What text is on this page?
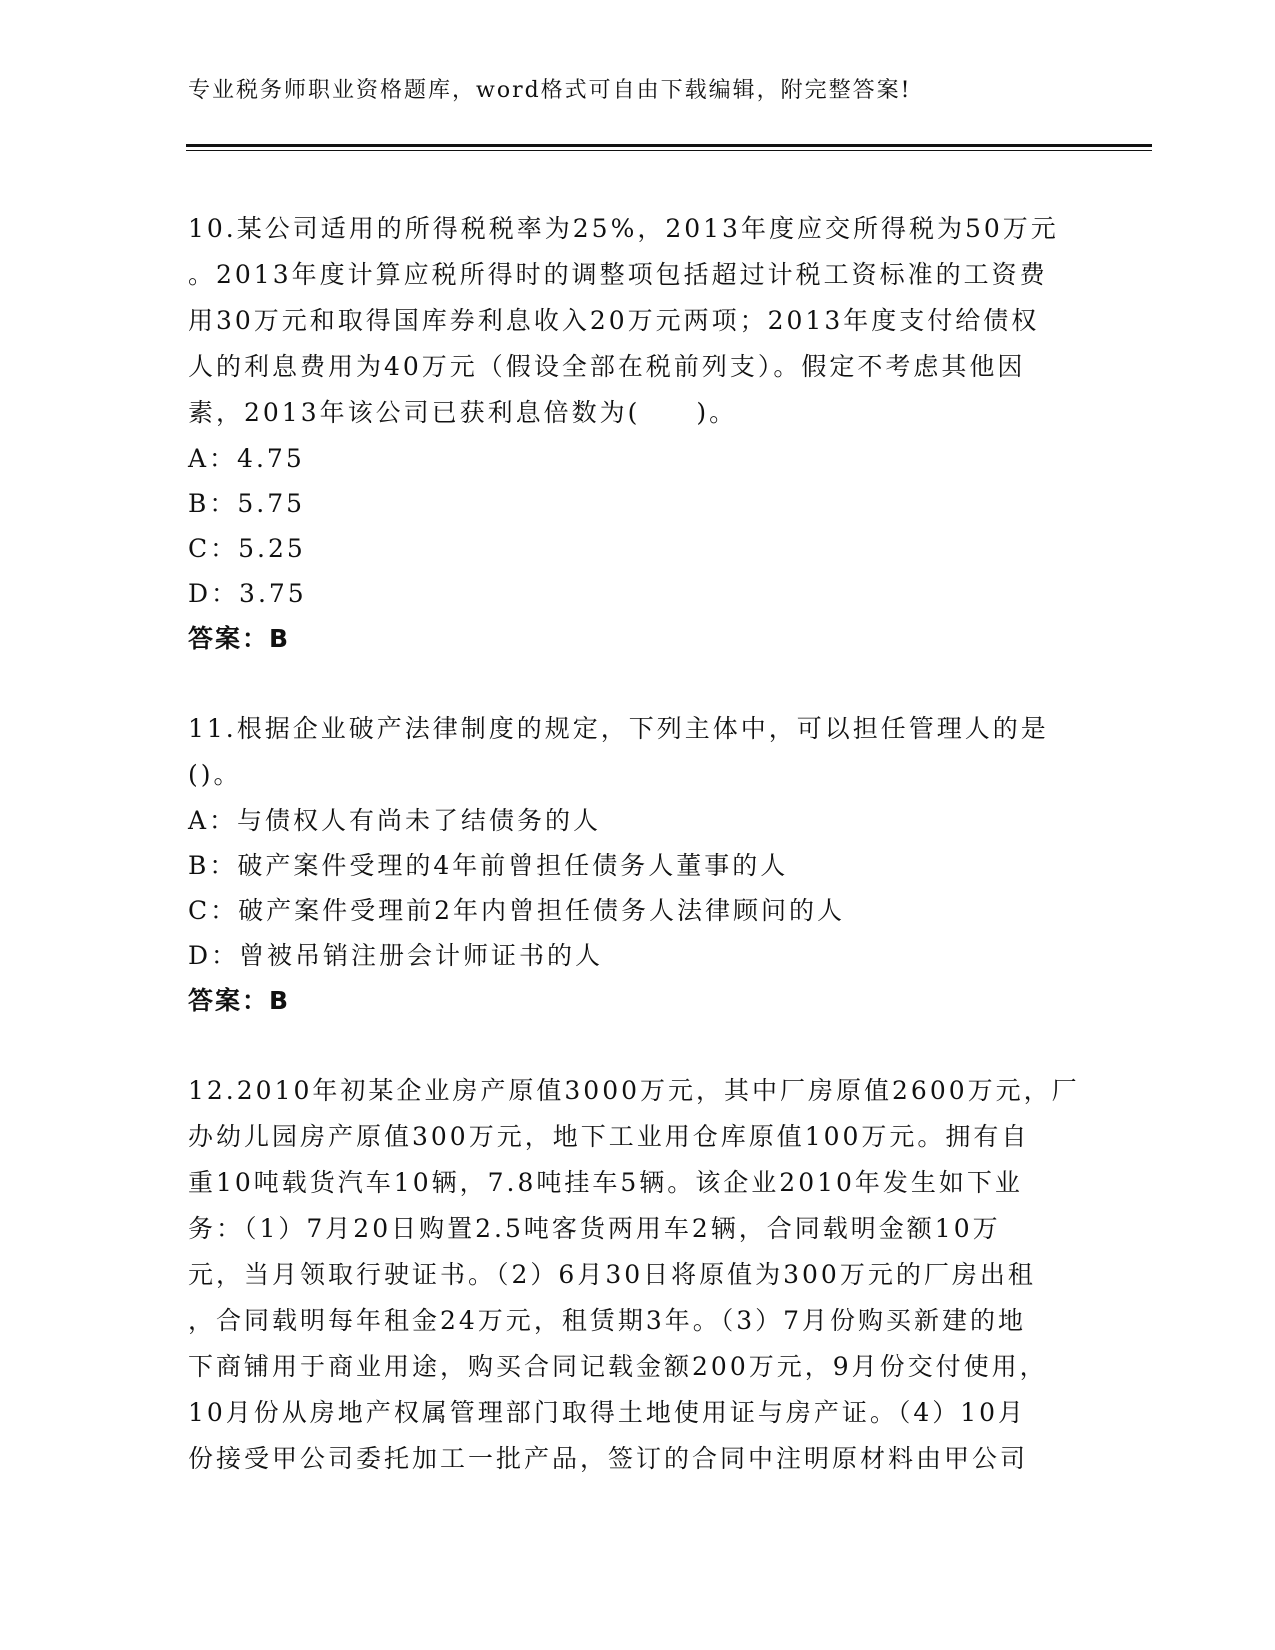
专业税务师职业资格题库，word格式可自由下载编辑，附完整答案!
10.某公司适用的所得税税率为25%，2013年度应交所得税为50万元
。2013年度计算应税所得时的调整项包括超过计税工资标准的工资费
用30万元和取得国库券利息收入20万元两项；2013年度支付给债权
人的利息费用为40万元（假设全部在税前列支）。假定不考虑其他因
素，2013年该公司已获利息倍数为(　　)。
A：4.75
B：5.75
C：5.25
D：3.75
答案：B
11.根据企业破产法律制度的规定，下列主体中，可以担任管理人的是
()。
A：与债权人有尚未了结债务的人
B：破产案件受理的4年前曾担任债务人董事的人
C：破产案件受理前2年内曾担任债务人法律顾问的人
D：曾被吊销注册会计师证书的人
答案：B
12.2010年初某企业房产原值3000万元，其中厂房原值2600万元，厂
办幼儿园房产原值300万元，地下工业用仓库原值100万元。拥有自
重10吨载货汽车10辆，7.8吨挂车5辆。该企业2010年发生如下业
务：（1）7月20日购置2.5吨客货两用车2辆，合同载明金额10万
元，当月领取行驶证书。（2）6月30日将原值为300万元的厂房出租
，合同载明每年租金24万元，租赁期3年。（3）7月份购买新建的地
下商铺用于商业用途，购买合同记载金额200万元，9月份交付使用，
10月份从房地产权属管理部门取得土地使用证与房产证。（4）10月
份接受甲公司委托加工一批产品，签订的合同中注明原材料由甲公司
